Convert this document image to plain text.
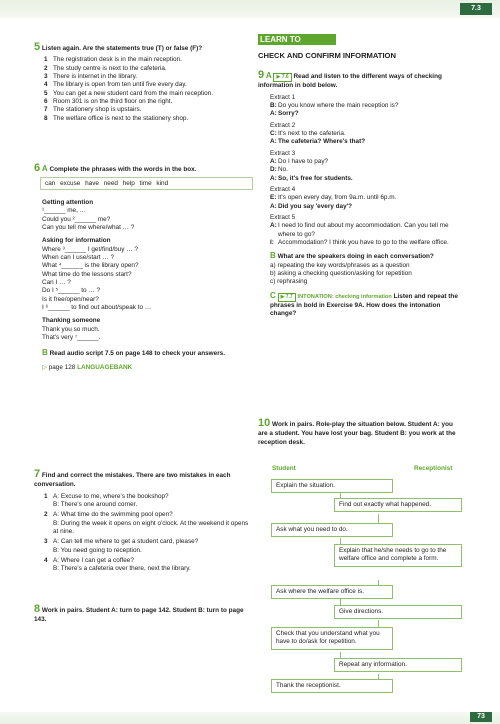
7.3
5 Listen again. Are the statements true (T) or false (F)?
1 The registration desk is in the main reception.
2 The study centre is next to the cafeteria.
3 There is internet in the library.
4 The library is open from ten until five every day.
5 You can get a new student card from the main reception.
6 Room 301 is on the third floor on the right.
7 The stationery shop is upstairs.
8 The welfare office is next to the stationery shop.
6 A Complete the phrases with the words in the box.
can excuse have need help time kind
Getting attention
¹______ me, …
Could you ²______ me?
Can you tell me where/what … ?
Asking for information
Where ³______ I get/find/buy … ?
When can I use/start … ?
What ⁴______ is the library open?
What time do the lessons start?
Can I … ?
Do I ⁵______ to … ?
Is it free/open/near?
I ⁶______ to find out about/speak to …
Thanking someone
Thank you so much.
That's very ⁷______.
B Read audio script 7.5 on page 148 to check your answers.
▷ page 128 LANGUAGEBANK
7 Find and correct the mistakes. There are two mistakes in each conversation.
1 A: Excuse to me, where's the bookshop?
B: There's one around corner.
2 A: What time do the swimming pool open?
B: During the week it opens on eight o'clock. At the weekend it opens at nine.
3 A: Can tell me where to get a student card, please?
B: You need going to reception.
4 A: Where I can get a coffee?
B: There's a cafeteria over there, next the library.
8 Work in pairs. Student A: turn to page 142. Student B: turn to page 143.
LEARN TO
CHECK AND CONFIRM INFORMATION
9 A ▶ 7.6 Read and listen to the different ways of checking information in bold below.
Extract 1
B: Do you know where the main reception is?
A: Sorry?
Extract 2
C: It's next to the cafeteria.
A: The cafeteria? Where's that?
Extract 3
A: Do I have to pay?
D: No.
A: So, it's free for students.
Extract 4
E: It's open every day, from 9a.m. until 6p.m.
A: Did you say 'every day'?
Extract 5
A: I need to find out about my accommodation. Can you tell me where to go?
I: Accommodation? I think you have to go to the welfare office.
B What are the speakers doing in each conversation?
a) repeating the key words/phrases as a question
b) asking a checking question/asking for repetition
c) rephrasing
C ▶ 7.7 INTONATION: checking information Listen and repeat the phrases in bold in Exercise 9A. How does the intonation change?
10 Work in pairs. Role-play the situation below. Student A: you are a student. You have lost your bag. Student B: you work at the reception desk.
Student	Receptionist
Explain the situation.
Find out exactly what happened.
Ask what you need to do.
Explain that he/she needs to go to the welfare office and complete a form.
Ask where the welfare office is.
Give directions.
Check that you understand what you have to do/ask for repetition.
Repeat any information.
Thank the receptionist.
73
